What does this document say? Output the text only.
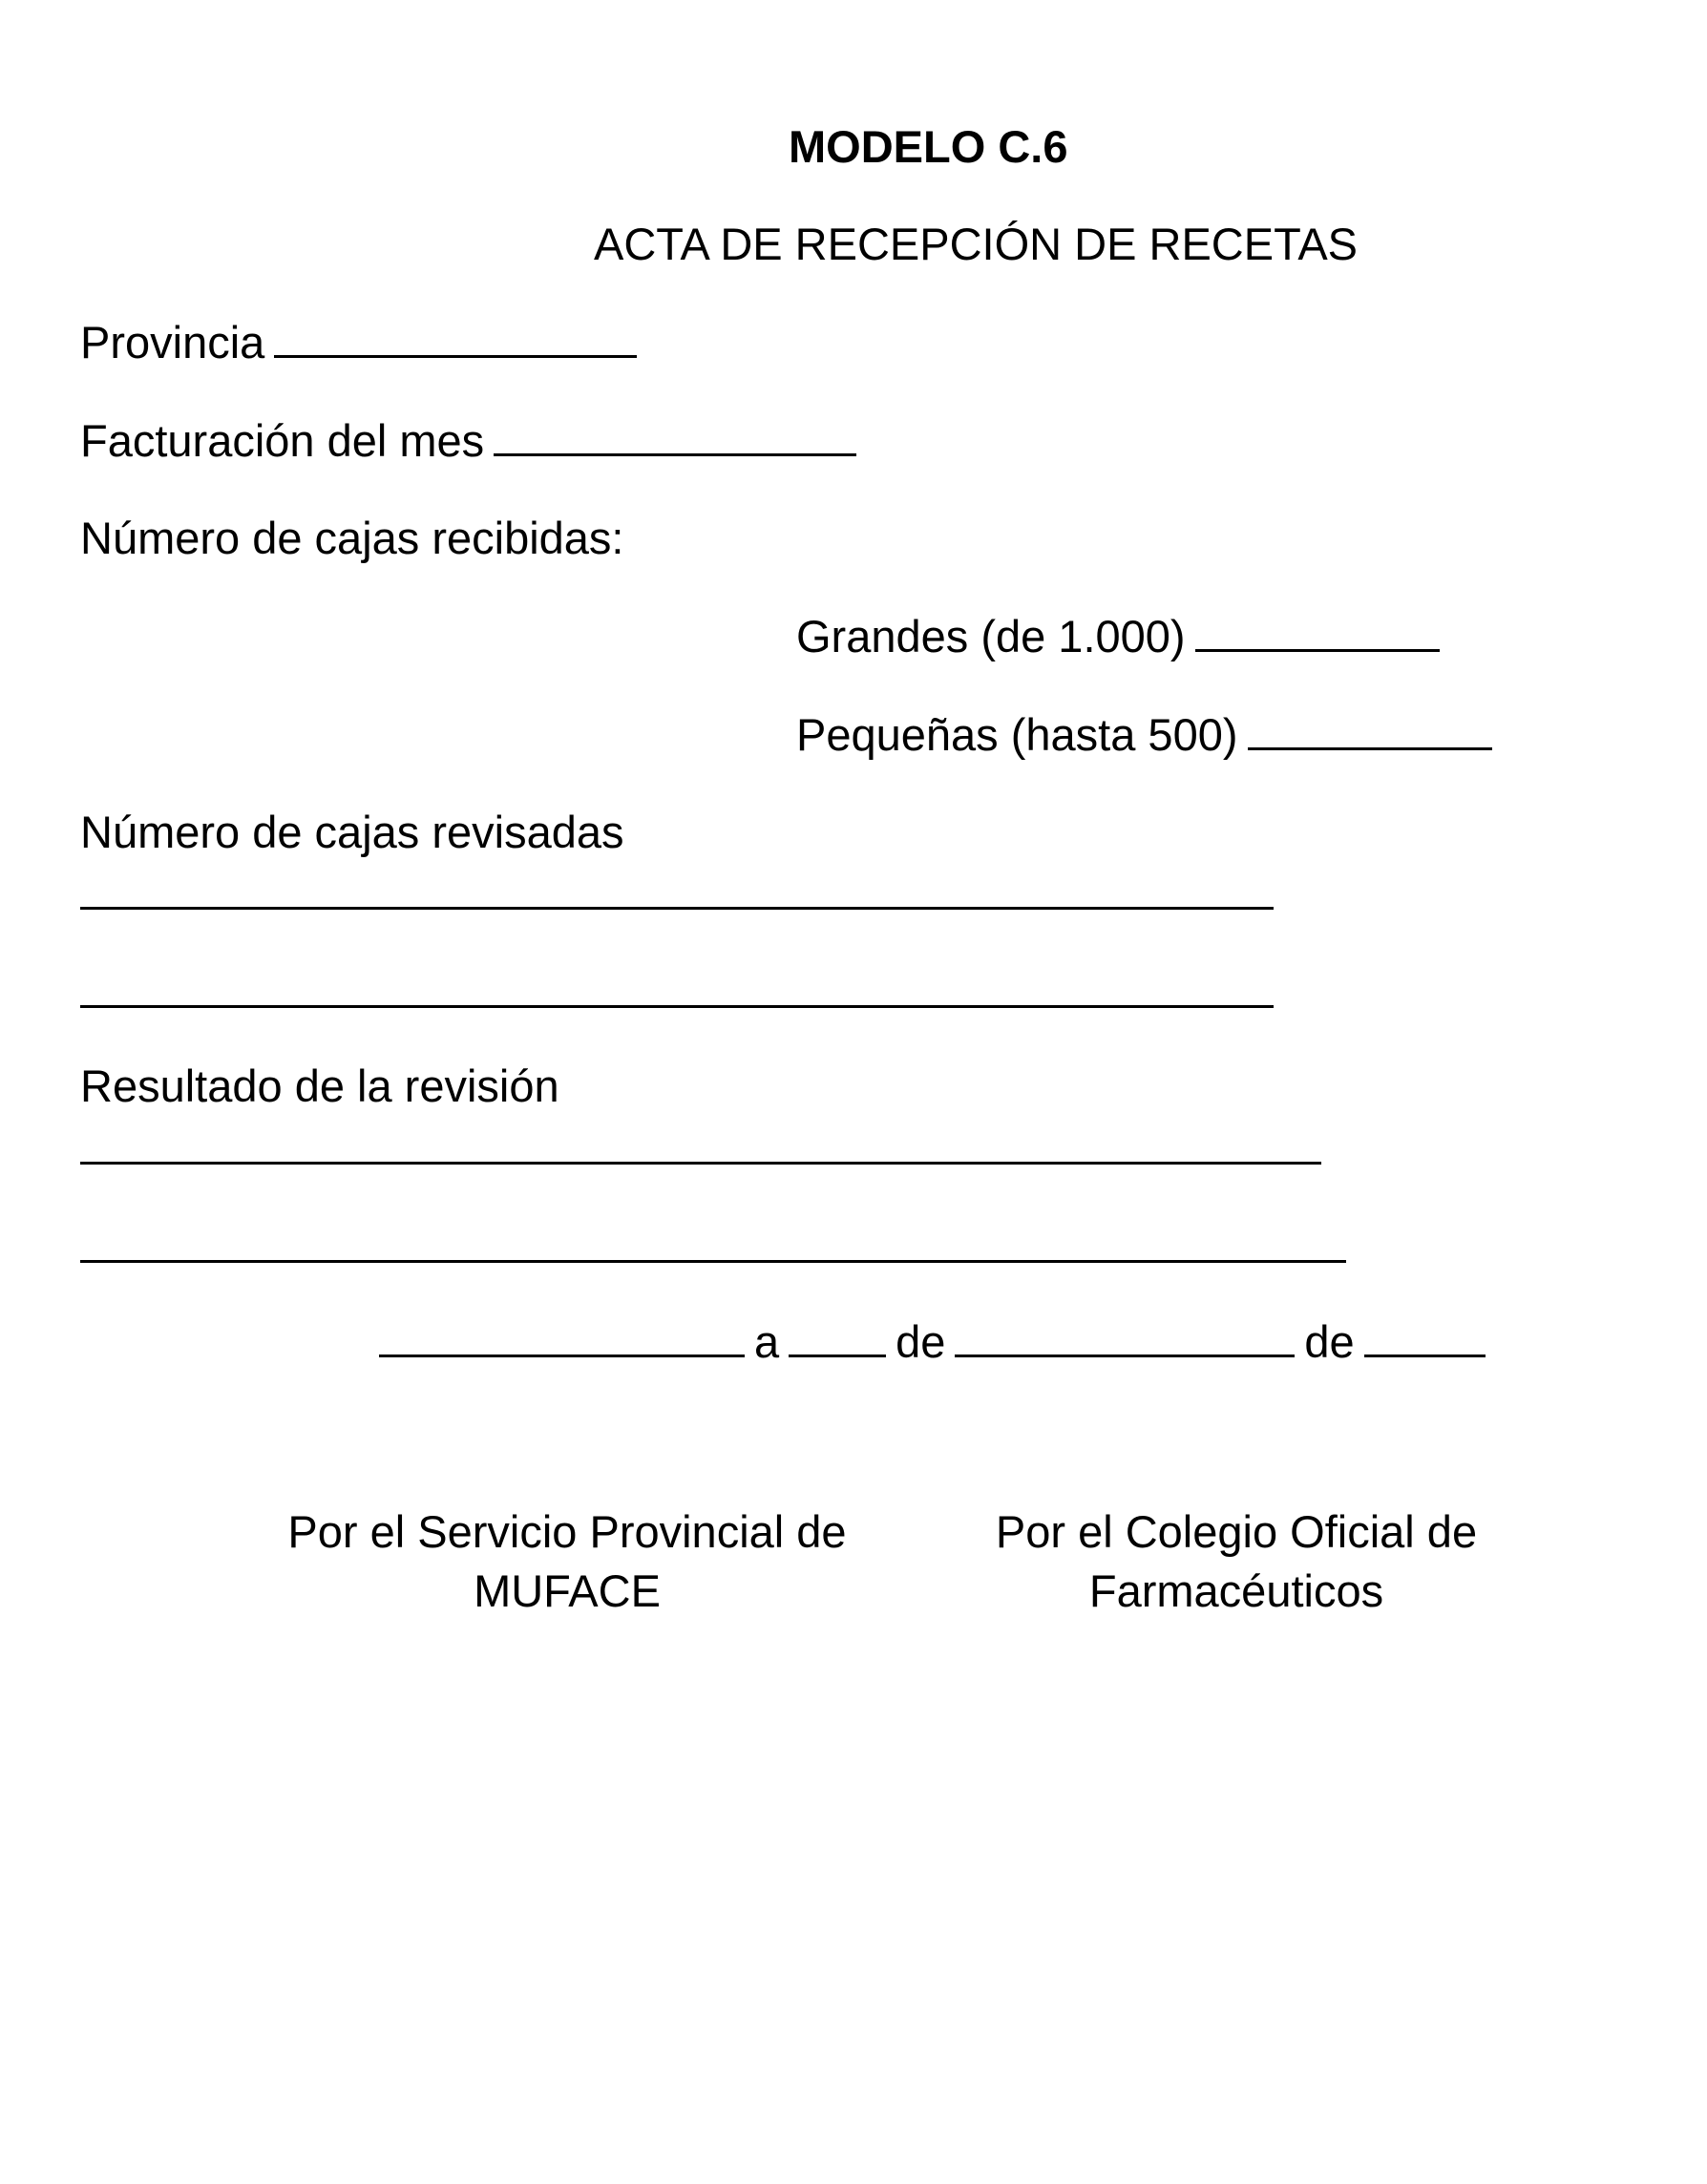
MODELO C.6
ACTA DE RECEPCIÓN DE RECETAS
Provincia
Facturación del mes
Número de cajas recibidas:
Grandes (de 1.000)
Pequeñas (hasta 500)
Número de cajas revisadas
Resultado de la revisión
a	de	de
Por el Servicio Provincial de
MUFACE
Por el Colegio Oficial de
Farmacéuticos
